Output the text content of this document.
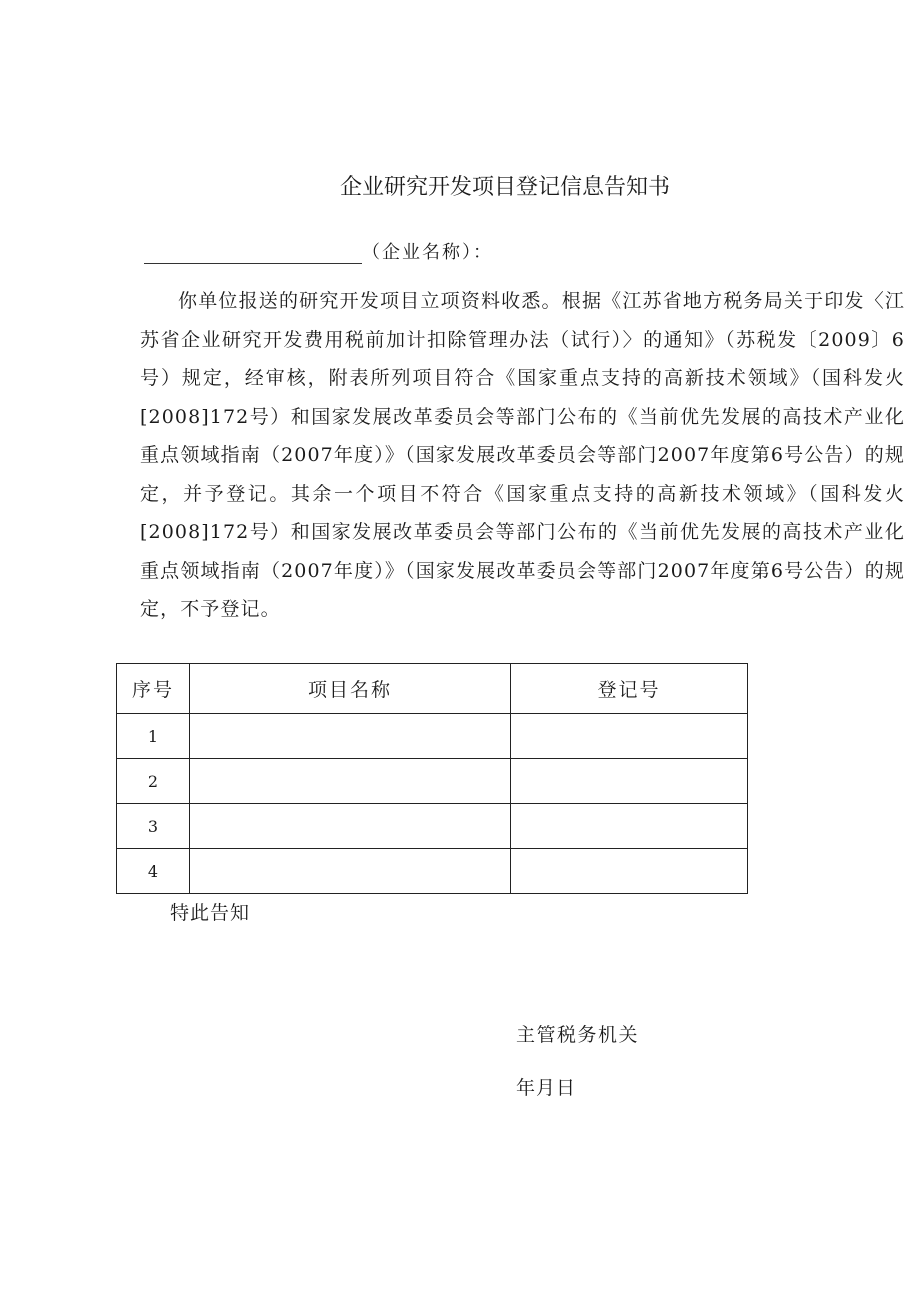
企业研究开发项目登记信息告知书
（企业名称）：

你单位报送的研究开发项目立项资料收悉。根据《江苏省地方税务局关于印发〈江苏省企业研究开发费用税前加计扣除管理办法（试行）〉的通知》（苏税发〔2009〕6号）规定，经审核，附表所列项目符合《国家重点支持的高新技术领域》（国科发火[2008]172号）和国家发展改革委员会等部门公布的《当前优先发展的高技术产业化重点领域指南（2007年度）》（国家发展改革委员会等部门2007年度第6号公告）的规定，并予登记。其余一个项目不符合《国家重点支持的高新技术领域》（国科发火[2008]172号）和国家发展改革委员会等部门公布的《当前优先发展的高技术产业化重点领域指南（2007年度）》（国家发展改革委员会等部门2007年度第6号公告）的规定，不予登记。

序号	项目名称	登记号
1		
2		
3		
4		
特此告知
主管税务机关
年月日
